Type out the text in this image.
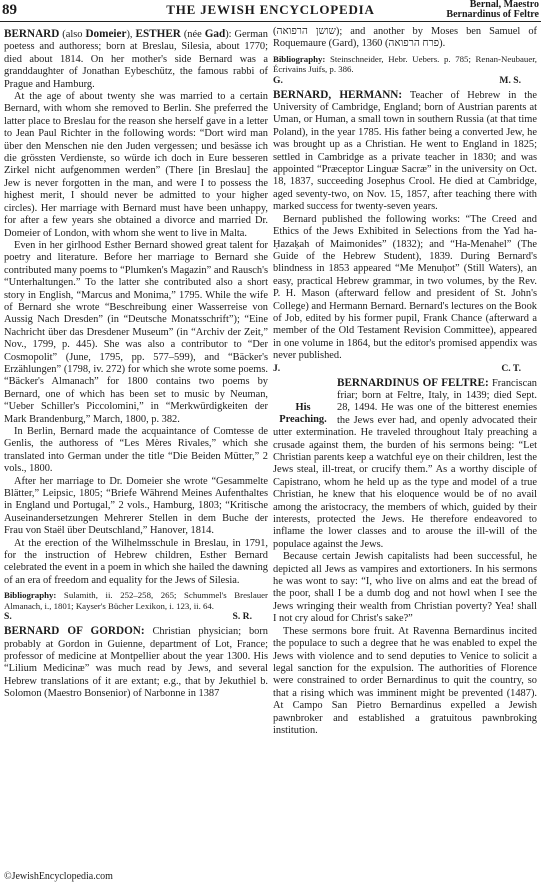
89	THE JEWISH ENCYCLOPEDIA	Bernal, Maestro
Bernardinus of Feltre

BERNARD (also Domeier), ESTHER (née Gad): German poetess and authoress; born at Breslau, Silesia, about 1770; died about 1814. On her mother's side Bernard was a granddaughter of Jonathan Eybeschütz, the famous rabbi of Prague and Hamburg.

At the age of about twenty she was married to a certain Bernard, with whom she removed to Berlin. She preferred the latter place to Breslau for the reason she herself gave in a letter to Jean Paul Richter in the following words: “Dort wird man über den Menschen nie den Juden vergessen; und besässe ich die grössten Verdienste, so würde ich doch in Eure besseren Zirkel nicht aufgenommen werden” (There [in Breslau] the Jew is never forgotten in the man, and were I to possess the highest merit, I should never be admitted to your higher circles). Her marriage with Bernard must have been unhappy, for after a few years she obtained a divorce and married Dr. Domeier of London, with whom she went to live in Malta.

Even in her girlhood Esther Bernard showed great talent for poetry and literature. Before her marriage to Bernard she contributed many poems to “Plumken's Magazin” and Rausch's “Unterhaltungen.” To the latter she contributed also a short story in English, “Marcus and Monima,” 1795. While the wife of Bernard she wrote “Beschreibung einer Wasserreise von Aussig Nach Dresden” (in “Deutsche Monatsschrift”); “Eine Nachricht über das Dresdener Museum” (in “Archiv der Zeit,” Nov., 1799, p. 445). She was also a contributor to “Der Cosmopolit” (June, 1795, pp. 577–599), and “Bäcker's Erzählungen” (1798, iv. 272) for which she wrote some poems. “Bäcker's Almanach” for 1800 contains two poems by Bernard, one of which has been set to music by Neuman, “Ueber Schiller's Piccolomini,” in “Merkwürdigkeiten der Mark Brandenburg,” March, 1800, p. 382.

In Berlin, Bernard made the acquaintance of Comtesse de Genlis, the authoress of “Les Mères Rivales,” which she translated into German under the title “Die Beiden Mütter,” 2 vols., 1800.

After her marriage to Dr. Domeier she wrote “Gesammelte Blätter,” Leipsic, 1805; “Briefe Während Meines Aufenthaltes in England und Portugal,” 2 vols., Hamburg, 1803; “Kritische Auseinandersetzungen Mehrerer Stellen in dem Buche der Frau von Staël über Deutschland,” Hanover, 1814.

At the erection of the Wilhelmsschule in Breslau, in 1791, for the instruction of Hebrew children, Esther Bernard celebrated the event in a poem in which she hailed the dawning of an era of freedom and equality for the Jews of Silesia.

Bibliography: Sulamith, ii. 252–258, 265; Schummel's Breslauer Almanach, i., 1801; Kayser's Bücher Lexikon, i. 123, ii. 64.

S.	S. R.

BERNARD OF GORDON: Christian physician; born probably at Gordon in Guienne, department of Lot, France; professor of medicine at Montpellier about the year 1300. His “Lilium Medicinæ” was much read by Jews, and several Hebrew translations of it are extant; e.g., that by Jekuthiel b. Solomon (Maestro Bonsenior) of Narbonne in 1387

(שושן הרפואה); and another by Moses ben Samuel of Roquemaure (Gard), 1360 (פרח הרפואה).

Bibliography: Steinschneider, Hebr. Uebers. p. 785; Renan-Neubauer, Écrivains Juifs, p. 386.

G.	M. S.

BERNARD, HERMANN: Teacher of Hebrew in the University of Cambridge, England; born of Austrian parents at Uman, or Human, a small town in southern Russia (at that time Poland), in the year 1785. His father being a converted Jew, he was brought up as a Christian. He went to England in 1825; settled in Cambridge as a private teacher in 1830; and was appointed “Præceptor Linguæ Sacræ” in the university on Oct. 18, 1837, succeeding Josephus Crool. He died at Cambridge, aged seventy-two, on Nov. 15, 1857, after teaching there with marked success for twenty-seven years.

Bernard published the following works: “The Creed and Ethics of the Jews Exhibited in Selections from the Yad ha-Ḥazaḳah of Maimonides” (1832); and “Ha-Menahel” (The Guide of the Hebrew Student), 1839. During Bernard's blindness in 1853 appeared “Me Menuḥot” (Still Waters), an easy, practical Hebrew grammar, in two volumes, by the Rev. P. H. Mason (afterward fellow and president of St. John's College) and Hermann Bernard. Bernard's lectures on the Book of Job, edited by his former pupil, Frank Chance (afterward a member of the Old Testament Revision Committee), appeared in one volume in 1864, but the editor's promised appendix was never published.

J.	C. T.
His Preaching.

BERNARDINUS OF FELTRE: Franciscan friar; born at Feltre, Italy, in 1439; died Sept. 28, 1494. He was one of the bitterest enemies the Jews ever had, and openly advocated their utter extermination. He traveled throughout Italy preaching a crusade against them, the burden of his sermons being: “Let Christian parents keep a watchful eye on their children, lest the Jews steal, ill-treat, or crucify them.” As a worthy disciple of Capistrano, whom he held up as the type and model of a true Christian, he knew that his eloquence would be of no avail among the aristocracy, the members of which, guided by their interests, protected the Jews. He therefore endeavored to inflame the lower classes and to arouse the ill-will of the populace against the Jews.

Because certain Jewish capitalists had been successful, he depicted all Jews as vampires and extortioners. In his sermons he was wont to say: “I, who live on alms and eat the bread of the poor, shall I be a dumb dog and not howl when I see the Jews wringing their wealth from Christian poverty? Yea! shall I not cry aloud for Christ's sake?”

These sermons bore fruit. At Ravenna Bernardinus incited the populace to such a degree that he was enabled to expel the Jews with violence and to send deputies to Venice to solicit a legal sanction for the expulsion. The authorities of Florence were constrained to order Bernardinus to quit the country, so that a rising which was imminent might be prevented (1487). At Campo San Pietro Bernardinus expelled a Jewish pawnbroker and established a gratuitous pawnbroking institution.

©JewishEncyclopedia.com
